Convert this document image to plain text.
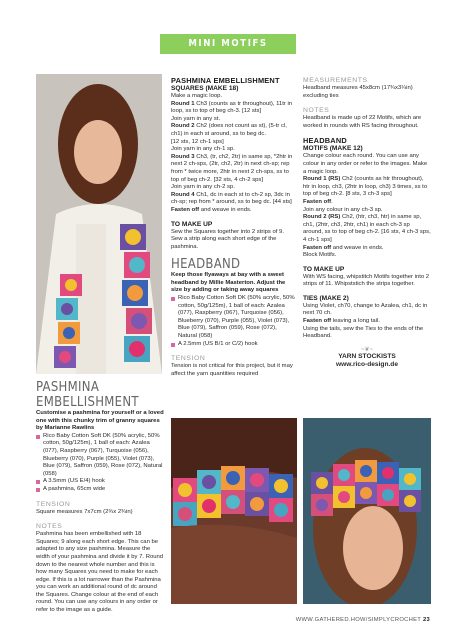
MINI MOTIFS COLLECTION
PASHMINA EMBELLISHMENT

Customise a pashmina for yourself or a loved one with this chunky trim of granny squares by Marianne Rawlins

Rico Baby Cotton Soft DK (50% acrylic, 50% cotton, 50g/125m), 1 ball of each: Azalea (077), Raspberry (067), Turquoise (056), Blueberry (070), Purple (055), Violet (073), Blue (079), Saffron (059), Rose (072), Natural (058)

A 3.5mm (US E/4) hook

A pashmina, 65cm wide

TENSION

Square measures 7x7cm (2¾x 2¾in)

NOTES

Pashmina has been embellished with 18 Squares; 9 along each short edge. This can be adapted to any size pashmina. Measure the width of your pashmina and divide it by 7. Round down to the nearest whole number and this is how many Squares you need to make for each edge. If this is a lot narrower than the Pashmina you can work an additional round of dc around the Squares. Change colour at the end of each round. You can use any colours in any order or refer to the image as a guide.

PASHMINA EMBELLISHMENT
SQUARES (MAKE 18)

Make a magic loop.

Round 1 Ch3 (counts as tr throughout), 11tr in loop, ss to top of beg ch-3. [12 sts]

Join yarn in any st.

Round 2 Ch2 (does not count as st), (5-tr cl, ch1) in each st around, ss to beg dc.

[12 sts, 12 ch-1 sps]

Join yarn in any ch-1 sp.

Round 3 Ch3, (tr, ch2, 2tr) in same sp, *2htr in next 2 ch-sps, (2tr, ch2, 2tr) in next ch-sp; rep from * twice more, 2htr in next 2 ch-sps, ss to top of beg ch-2. [32 sts, 4 ch-2 sps]

Join yarn in any ch-2 sp.

Round 4 Ch1, dc in each st to ch-2 sp, 3dc in ch-sp; rep from * around, ss to beg dc. [44 sts]

Fasten off and weave in ends.

TO MAKE UP

Sew the Squares together into 2 strips of 9. Sew a strip along each short edge of the pashmina.

HEADBAND

Keep those flyaways at bay with a sweet headband by Millie Masterton. Adjust the size by adding or taking away squares

Rico Baby Cotton Soft DK (50% acrylic, 50% cotton, 50g/125m), 1 ball of each: Azalea (077), Raspberry (067), Turquoise (056), Blueberry (070), Purple (055), Violet (073), Blue (079), Saffron (059), Rose (072), Natural (058)

A 2.5mm (US B/1 or C/2) hook

TENSION

Tension is not critical for this project, but it may affect the yarn quantities required

MEASUREMENTS

Headband measures 45x8cm (17¾x3¼in) excluding ties

NOTES

Headband is made up of 22 Motifs, which are worked in rounds with RS facing throughout.

HEADBAND
MOTIFS (MAKE 12)

Change colour each round. You can use any colour in any order or refer to the images. Make a magic loop.

Round 1 (RS) Ch2 (counts as htr throughout), htr in loop, ch3, (2htr in loop, ch3) 3 times, ss to top of beg ch-2. [8 sts, 3 ch-3 sps]

Fasten off.

Join any colour in any ch-3 sp.

Round 2 (RS) Ch2, (htr, ch3, htr) in same sp, ch1, (2htr, ch3, 2htr, ch1) in each ch-3 sp around, ss to top of beg ch-2. [16 sts, 4 ch-3 sps, 4 ch-1 sps]

Fasten off and weave in ends.

Block Motifs.

TO MAKE UP

With WS facing, whipstitch Motifs together into 2 strips of 11. Whipststich the strips together.

TIES (MAKE 2)

Using Violet, ch70, change to Azalea, ch1, dc in next 70 ch.

Fasten off leaving a long tail.

Using the tails, sew the Ties to the ends of the Headband.

~❦~
YARN STOCKISTS
www.rico-design.de
WWW.GATHERED.HOW/SIMPLYCROCHET 23
